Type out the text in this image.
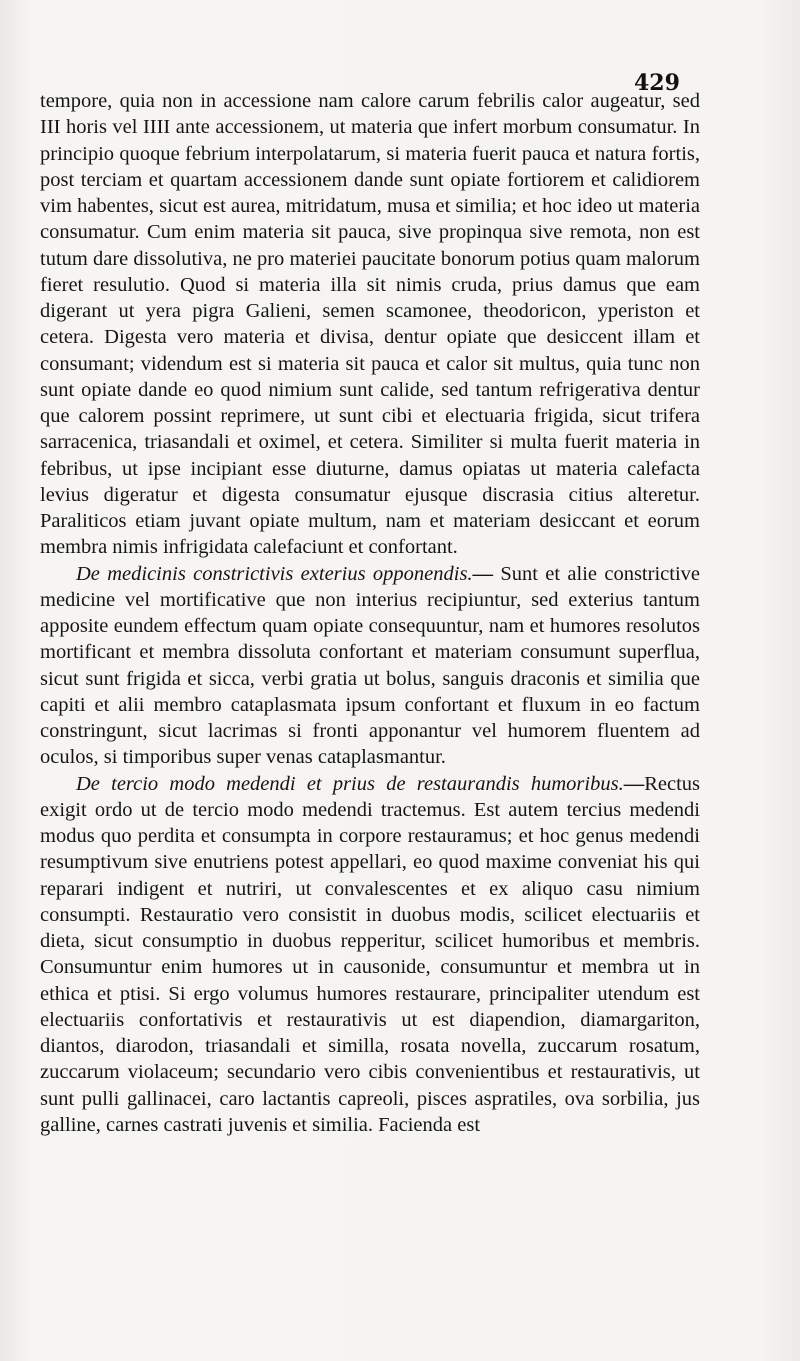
429

tempore, quia non in accessione nam calore carum febrilis calor augeatur, sed III horis vel IIII ante accessionem, ut materia que infert morbum consumatur. In principio quoque febrium interpolatarum, si materia fuerit pauca et natura fortis, post terciam et quartam accessionem dande sunt opiate fortiorem et calidiorem vim habentes, sicut est aurea, mitridatum, musa et similia; et hoc ideo ut materia consumatur. Cum enim materia sit pauca, sive propinqua sive remota, non est tutum dare dissolutiva, ne pro materiei paucitate bonorum potius quam malorum fieret resulutio. Quod si materia illa sit nimis cruda, prius damus que eam digerant ut yera pigra Galieni, semen scamonee, theodoricon, yperiston et cetera. Digesta vero materia et divisa, dentur opiate que desiccent illam et consumant; videndum est si materia sit pauca et calor sit multus, quia tunc non sunt opiate dande eo quod nimium sunt calide, sed tantum refrigerativa dentur que calorem possint reprimere, ut sunt cibi et electuaria frigida, sicut trifera sarracenica, triasandali et oximel, et cetera. Similiter si multa fuerit materia in febribus, ut ipse incipiant esse diuturne, damus opiatas ut materia calefacta levius digeratur et digesta consumatur ejusque discrasia citius alteretur. Paraliticos etiam juvant opiate multum, nam et materiam desiccant et eorum membra nimis infrigidata calefaciunt et confortant.

De medicinis constrictivis exterius opponendis.— Sunt et alie constrictive medicine vel mortificative que non interius recipiuntur, sed exterius tantum apposite eundem effectum quam opiate consequuntur, nam et humores resolutos mortificant et membra dissoluta confortant et materiam consumunt superflua, sicut sunt frigida et sicca, verbi gratia ut bolus, sanguis draconis et similia que capiti et alii membro cataplasmata ipsum confortant et fluxum in eo factum constringunt, sicut lacrimas si fronti apponantur vel humorem fluentem ad oculos, si timporibus super venas cataplasmantur.

De tercio modo medendi et prius de restaurandis humoribus.—Rectus exigit ordo ut de tercio modo medendi tractemus. Est autem tercius medendi modus quo perdita et consumpta in corpore restauramus; et hoc genus medendi resumptivum sive enutriens potest appellari, eo quod maxime conveniat his qui reparari indigent et nutriri, ut convalescentes et ex aliquo casu nimium consumpti. Restauratio vero consistit in duobus modis, scilicet electuariis et dieta, sicut consumptio in duobus repperitur, scilicet humoribus et membris. Consumuntur enim humores ut in causonide, consumuntur et membra ut in ethica et ptisi. Si ergo volumus humores restaurare, principaliter utendum est electuariis confortativis et restaurativis ut est diapendion, diamargariton, diantos, diarodon, triasandali et similla, rosata novella, zuccarum rosatum, zuccarum violaceum; secundario vero cibis convenientibus et restaurativis, ut sunt pulli gallinacei, caro lactantis capreoli, pisces aspratiles, ova sorbilia, jus galline, carnes castrati juvenis et similia. Facienda est
